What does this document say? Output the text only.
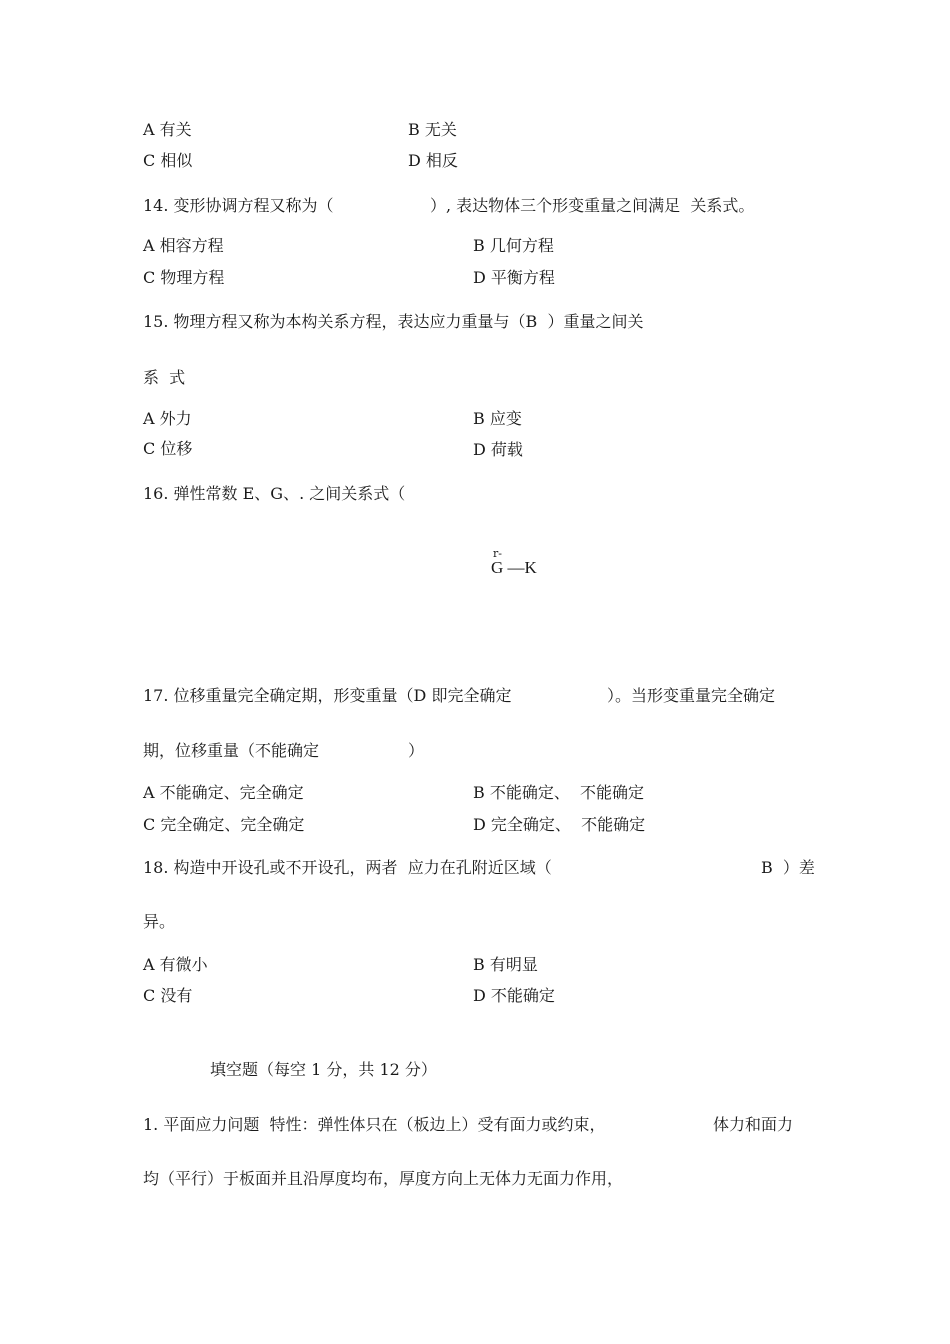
A 有关	B 无关
C 相似	D 相反
14. 变形协调方程又称为（	）, 表达物体三个形变重量之间满足  关系式。
A 相容方程	B 几何方程
C 物理方程	D 平衡方程
15. 物理方程又称为本构关系方程，表达应力重量与（B  ）重量之间关
系  式
A 外力	B 应变
C 位移	D 荷载
16. 弹性常数 E、G、. 之间关系式（
r-
G —K
17. 位移重量完全确定期，形变重量（D 即完全确定	）。当形变重量完全确定
期，位移重量（不能确定	）
A 不能确定、完全确定	B 不能确定、  不能确定
C 完全确定、完全确定	D 完全确定、  不能确定
18. 构造中开设孔或不开设孔，两者  应力在孔附近区域（	B  ）差
异。
A 有微小	B 有明显
C 没有	D 不能确定
填空题（每空 1 分，共 12 分）
1. 平面应力问题  特性：弹性体只在（板边上）受有面力或约束，	体力和面力
均（平行）于板面并且沿厚度均布，厚度方向上无体力无面力作用，
